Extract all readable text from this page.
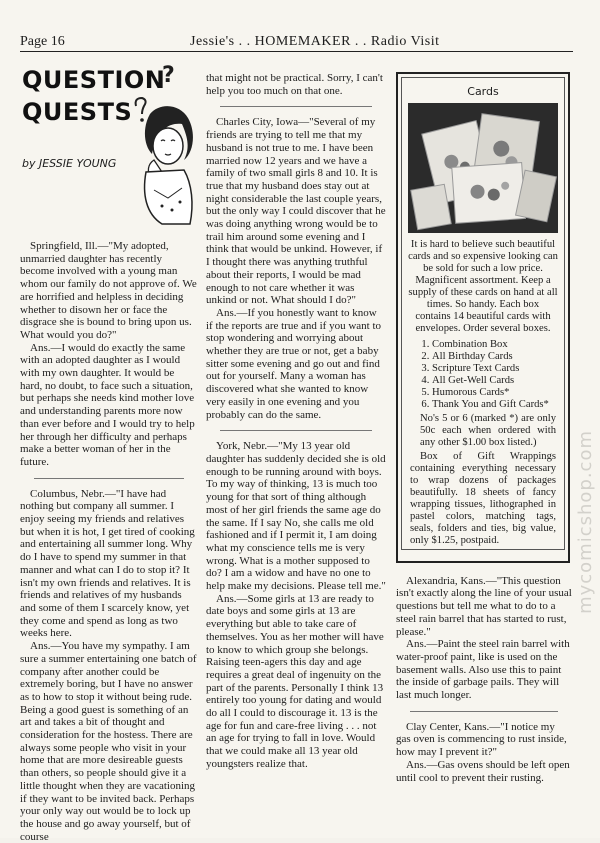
Page 16	Jessie's . . HOMEMAKER . . Radio Visit
QUESTION
?
QUESTS
by JESSIE YOUNG

Springfield, Ill.—"My adopted, unmarried daughter has recently become involved with a young man whom our family do not approve of. We are horrified and helpless in deciding whether to disown her or face the disgrace she is bound to bring upon us. What would you do?"

Ans.—I would do exactly the same with an adopted daughter as I would with my own daughter. It would be hard, no doubt, to face such a situation, but perhaps she needs kind mother love and understanding parents more now than ever before and I would try to help her through her difficulty and perhaps make a better woman of her in the future.

Columbus, Nebr.—"I have had nothing but company all summer. I enjoy seeing my friends and relatives but when it is hot, I get tired of cooking and entertaining all summer long. Why do I have to spend my summer in that manner and what can I do to stop it? It isn't my own friends and relatives. It is friends and relatives of my husbands and some of them I scarcely know, yet they come and spend as long as two weeks here.

Ans.—You have my sympathy. I am sure a summer entertaining one batch of company after another could be extremely boring, but I have no answer as to how to stop it without being rude. Being a good guest is something of an art and takes a bit of thought and consideration for the hostess. There are always some people who visit in your home that are more desireable guests than others, so people should give it a little thought when they are vacationing if they want to be invited back. Perhaps your only way out would be to lock up the house and go away yourself, but of course

that might not be practical. Sorry, I can't help you too much on that one.

Charles City, Iowa—"Several of my friends are trying to tell me that my husband is not true to me. I have been married now 12 years and we have a family of two small girls 8 and 10. It is true that my husband does stay out at night considerable the last couple years, but the only way I could discover that he was doing anything wrong would be to trail him around some evening and I think that would be unkind. However, if I thought there was anything truthful about their reports, I would be mad enough to not care whether it was unkind or not. What should I do?"

Ans.—If you honestly want to know if the reports are true and if you want to stop wondering and worrying about whether they are true or not, get a baby sitter some evening and go out and find out for yourself. Many a woman has discovered what she wanted to know very easily in one evening and you probably can do the same.

York, Nebr.—"My 13 year old daughter has suddenly decided she is old enough to be running around with boys. To my way of thinking, 13 is much too young for that sort of thing although most of her girl friends the same age do the same. If I say No, she calls me old fashioned and if I permit it, I am doing what my conscience tells me is very wrong. What is a mother supposed to do? I am a widow and have no one to help make my decisions. Please tell me."

Ans.—Some girls at 13 are ready to date boys and some girls at 13 are everything but able to take care of themselves. You as her mother will have to know to which group she belongs. Raising teen-agers this day and age requires a great deal of ingenuity on the part of the parents. Personally I think 13 entirely too young for dating and would do all I could to discourage it. 13 is the age for fun and care-free living . . . not an age for trying to fall in love. Would that we could make all 13 year old youngsters realize that.

Cards
It is hard to believe such beautiful cards and so expensive looking can be sold for such a low price. Magnificent assortment. Keep a supply of these cards on hand at all times. So handy. Each box contains 14 beautiful cards with envelopes. Order several boxes.
1. Combination Box
2. All Birthday Cards
3. Scripture Text Cards
4. All Get-Well Cards
5. Humorous Cards*
6. Thank You and Gift Cards*
No's 5 or 6 (marked *) are only 50c each when ordered with any other $1.00 box listed.)
Box of Gift Wrappings containing everything necessary to wrap dozens of packages beautifully. 18 sheets of fancy wrapping tissues, lithographed in pastel colors, matching tags, seals, folders and ties, big value, only $1.25, postpaid.

Alexandria, Kans.—"This question isn't exactly along the line of your usual questions but tell me what to do to a steel rain barrel that has started to rust, please."

Ans.—Paint the steel rain barrel with water-proof paint, like is used on the basement walls. Also use this to paint the inside of garbage pails. They will last much longer.

Clay Center, Kans.—"I notice my gas oven is commencing to rust inside, how may I prevent it?"

Ans.—Gas ovens should be left open until cool to prevent their rusting.

mycomicshop.com
